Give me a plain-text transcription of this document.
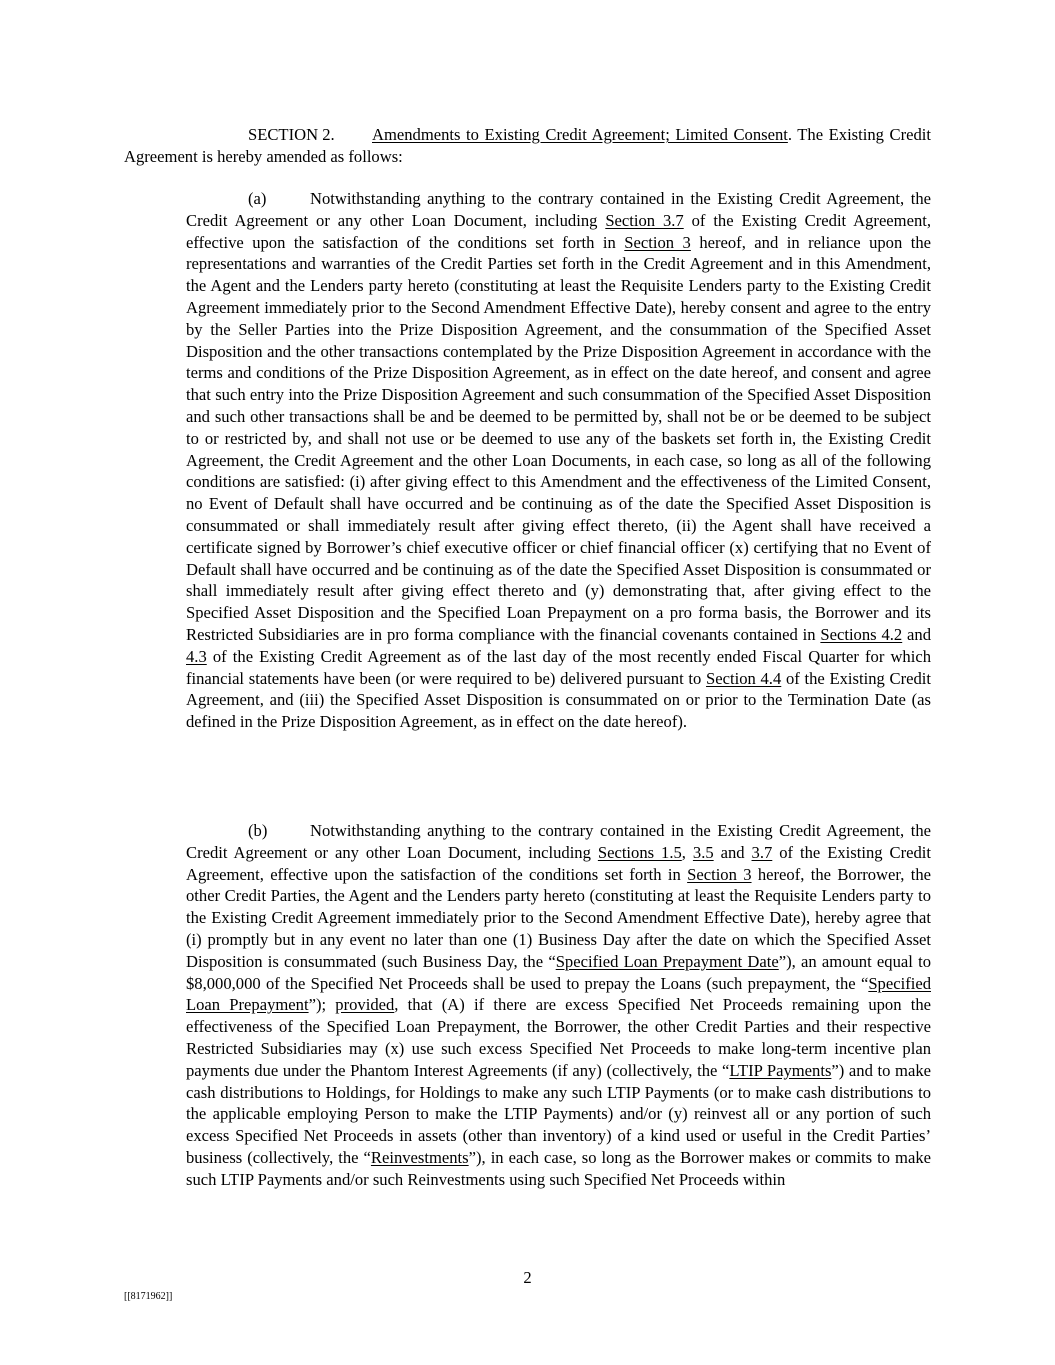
SECTION 2. Amendments to Existing Credit Agreement; Limited Consent. The Existing Credit Agreement is hereby amended as follows:

(a)	Notwithstanding anything to the contrary contained in the Existing Credit Agreement, the Credit Agreement or any other Loan Document, including Section 3.7 of the Existing Credit Agreement, effective upon the satisfaction of the conditions set forth in Section 3 hereof, and in reliance upon the representations and warranties of the Credit Parties set forth in the Credit Agreement and in this Amendment, the Agent and the Lenders party hereto (constituting at least the Requisite Lenders party to the Existing Credit Agreement immediately prior to the Second Amendment Effective Date), hereby consent and agree to the entry by the Seller Parties into the Prize Disposition Agreement, and the consummation of the Specified Asset Disposition and the other transactions contemplated by the Prize Disposition Agreement in accordance with the terms and conditions of the Prize Disposition Agreement, as in effect on the date hereof, and consent and agree that such entry into the Prize Disposition Agreement and such consummation of the Specified Asset Disposition and such other transactions shall be and be deemed to be permitted by, shall not be or be deemed to be subject to or restricted by, and shall not use or be deemed to use any of the baskets set forth in, the Existing Credit Agreement, the Credit Agreement and the other Loan Documents, in each case, so long as all of the following conditions are satisfied: (i) after giving effect to this Amendment and the effectiveness of the Limited Consent, no Event of Default shall have occurred and be continuing as of the date the Specified Asset Disposition is consummated or shall immediately result after giving effect thereto, (ii) the Agent shall have received a certificate signed by Borrower’s chief executive officer or chief financial officer (x) certifying that no Event of Default shall have occurred and be continuing as of the date the Specified Asset Disposition is consummated or shall immediately result after giving effect thereto and (y) demonstrating that, after giving effect to the Specified Asset Disposition and the Specified Loan Prepayment on a pro forma basis, the Borrower and its Restricted Subsidiaries are in pro forma compliance with the financial covenants contained in Sections 4.2 and 4.3 of the Existing Credit Agreement as of the last day of the most recently ended Fiscal Quarter for which financial statements have been (or were required to be) delivered pursuant to Section 4.4 of the Existing Credit Agreement, and (iii) the Specified Asset Disposition is consummated on or prior to the Termination Date (as defined in the Prize Disposition Agreement, as in effect on the date hereof).

(b)	Notwithstanding anything to the contrary contained in the Existing Credit Agreement, the Credit Agreement or any other Loan Document, including Sections 1.5, 3.5 and 3.7 of the Existing Credit Agreement, effective upon the satisfaction of the conditions set forth in Section 3 hereof, the Borrower, the other Credit Parties, the Agent and the Lenders party hereto (constituting at least the Requisite Lenders party to the Existing Credit Agreement immediately prior to the Second Amendment Effective Date), hereby agree that (i) promptly but in any event no later than one (1) Business Day after the date on which the Specified Asset Disposition is consummated (such Business Day, the “Specified Loan Prepayment Date”), an amount equal to $8,000,000 of the Specified Net Proceeds shall be used to prepay the Loans (such prepayment, the “Specified Loan Prepayment”); provided, that (A) if there are excess Specified Net Proceeds remaining upon the effectiveness of the Specified Loan Prepayment, the Borrower, the other Credit Parties and their respective Restricted Subsidiaries may (x) use such excess Specified Net Proceeds to make long-term incentive plan payments due under the Phantom Interest Agreements (if any) (collectively, the “LTIP Payments”) and to make cash distributions to Holdings, for Holdings to make any such LTIP Payments (or to make cash distributions to the applicable employing Person to make the LTIP Payments) and/or (y) reinvest all or any portion of such excess Specified Net Proceeds in assets (other than inventory) of a kind used or useful in the Credit Parties’ business (collectively, the “Reinvestments”), in each case, so long as the Borrower makes or commits to make such LTIP Payments and/or such Reinvestments using such Specified Net Proceeds within

2
[[8171962]]
